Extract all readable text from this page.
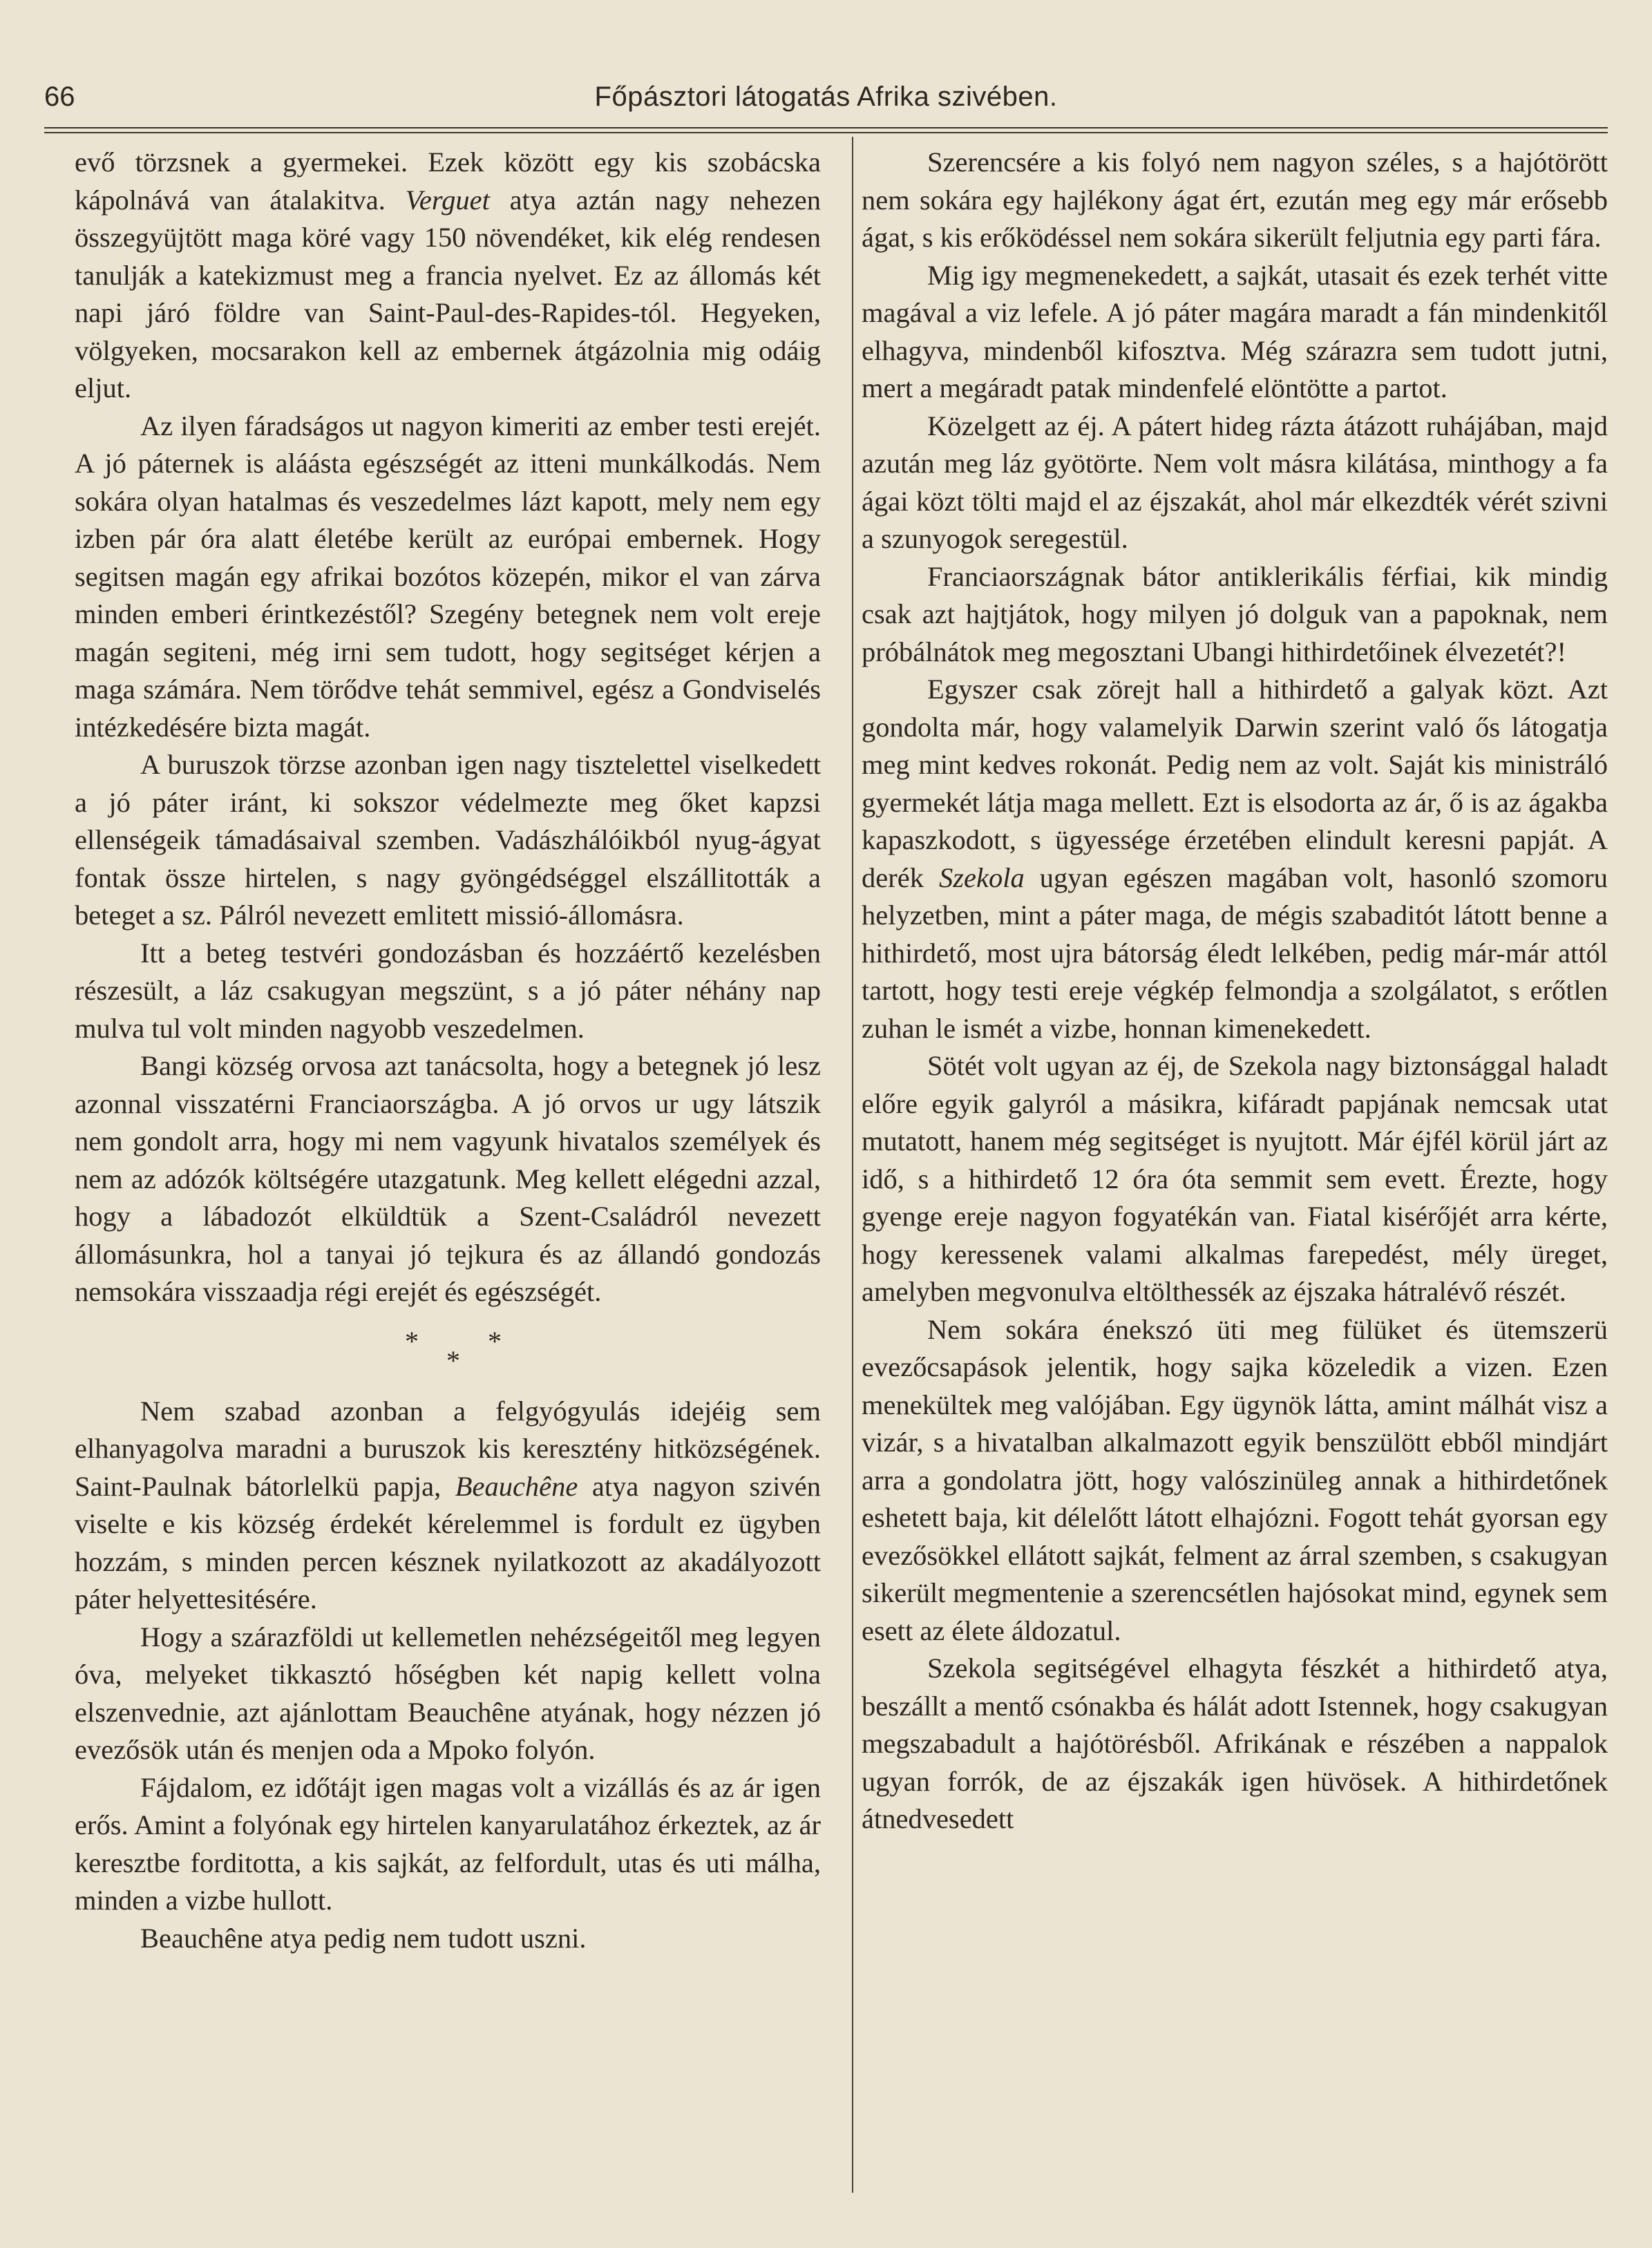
66	Főpásztori látogatás Afrika szivében.

evő törzsnek a gyermekei. Ezek között egy kis szobácska kápolnává van átalakitva. Verguet atya aztán nagy nehezen összegyüjtött maga köré vagy 150 növendéket, kik elég rendesen tanulják a katekizmust meg a francia nyelvet. Ez az állomás két napi járó földre van Saint-Paul-des-Rapides-tól. Hegyeken, völgyeken, mocsarakon kell az embernek átgázolnia mig odáig eljut.

Az ilyen fáradságos ut nagyon kimeriti az ember testi erejét. A jó páternek is aláásta egészségét az itteni munkálkodás. Nem sokára olyan hatalmas és veszedelmes lázt kapott, mely nem egy izben pár óra alatt életébe került az európai embernek. Hogy segitsen magán egy afrikai bozótos közepén, mikor el van zárva minden emberi érintkezéstől? Szegény betegnek nem volt ereje magán segiteni, még irni sem tudott, hogy segitséget kérjen a maga számára. Nem törődve tehát semmivel, egész a Gondviselés intézkedésére bizta magát.

A buruszok törzse azonban igen nagy tisztelettel viselkedett a jó páter iránt, ki sokszor védelmezte meg őket kapzsi ellenségeik támadásaival szemben. Vadászhálóikból nyug-ágyat fontak össze hirtelen, s nagy gyöngédséggel elszállitották a beteget a sz. Pálról nevezett emlitett missió-állomásra.

Itt a beteg testvéri gondozásban és hozzáértő kezelésben részesült, a láz csakugyan megszünt, s a jó páter néhány nap mulva tul volt minden nagyobb veszedelmen.

Bangi község orvosa azt tanácsolta, hogy a betegnek jó lesz azonnal visszatérni Franciaországba. A jó orvos ur ugy látszik nem gondolt arra, hogy mi nem vagyunk hivatalos személyek és nem az adózók költségére utazgatunk. Meg kellett elégedni azzal, hogy a lábadozót elküldtük a Szent-Családról nevezett állomásunkra, hol a tanyai jó tejkura és az állandó gondozás nemsokára visszaadja régi erejét és egészségét.

*
*
*

Nem szabad azonban a felgyógyulás idejéig sem elhanyagolva maradni a buruszok kis keresztény hitközségének. Saint-Paulnak bátorlelkü papja, Beauchêne atya nagyon szivén viselte e kis község érdekét kérelemmel is fordult ez ügyben hozzám, s minden percen késznek nyilatkozott az akadályozott páter helyettesitésére.

Hogy a szárazföldi ut kellemetlen nehézségeitől meg legyen óva, melyeket tikkasztó hőségben két napig kellett volna elszenvednie, azt ajánlottam Beauchêne atyának, hogy nézzen jó evezősök után és menjen oda a Mpoko folyón.

Fájdalom, ez időtájt igen magas volt a vizállás és az ár igen erős. Amint a folyónak egy hirtelen kanyarulatához érkeztek, az ár keresztbe forditotta, a kis sajkát, az felfordult, utas és uti málha, minden a vizbe hullott.

Beauchêne atya pedig nem tudott uszni.

Szerencsére a kis folyó nem nagyon széles, s a hajótörött nem sokára egy hajlékony ágat ért, ezután meg egy már erősebb ágat, s kis erőködéssel nem sokára sikerült feljutnia egy parti fára.

Mig igy megmenekedett, a sajkát, utasait és ezek terhét vitte magával a viz lefele. A jó páter magára maradt a fán mindenkitől elhagyva, mindenből kifosztva. Még szárazra sem tudott jutni, mert a megáradt patak mindenfelé elöntötte a partot.

Közelgett az éj. A pátert hideg rázta átázott ruhájában, majd azután meg láz gyötörte. Nem volt másra kilátása, minthogy a fa ágai közt tölti majd el az éjszakát, ahol már elkezdték vérét szivni a szunyogok seregestül.

Franciaországnak bátor antiklerikális férfiai, kik mindig csak azt hajtjátok, hogy milyen jó dolguk van a papoknak, nem próbálnátok meg megosztani Ubangi hithirdetőinek élvezetét?!

Egyszer csak zörejt hall a hithirdető a galyak közt. Azt gondolta már, hogy valamelyik Darwin szerint való ős látogatja meg mint kedves rokonát. Pedig nem az volt. Saját kis ministráló gyermekét látja maga mellett. Ezt is elsodorta az ár, ő is az ágakba kapaszkodott, s ügyessége érzetében elindult keresni papját. A derék Szekola ugyan egészen magában volt, hasonló szomoru helyzetben, mint a páter maga, de mégis szabaditót látott benne a hithirdető, most ujra bátorság éledt lelkében, pedig már-már attól tartott, hogy testi ereje végkép felmondja a szolgálatot, s erőtlen zuhan le ismét a vizbe, honnan kimenekedett.

Sötét volt ugyan az éj, de Szekola nagy biztonsággal haladt előre egyik galyról a másikra, kifáradt papjának nemcsak utat mutatott, hanem még segitséget is nyujtott. Már éjfél körül járt az idő, s a hithirdető 12 óra óta semmit sem evett. Érezte, hogy gyenge ereje nagyon fogyatékán van. Fiatal kisérőjét arra kérte, hogy keressenek valami alkalmas farepedést, mély üreget, amelyben megvonulva eltölthessék az éjszaka hátralévő részét.

Nem sokára énekszó üti meg fülüket és ütemszerü evezőcsapások jelentik, hogy sajka közeledik a vizen. Ezen menekültek meg valójában. Egy ügynök látta, amint málhát visz a vizár, s a hivatalban alkalmazott egyik benszülött ebből mindjárt arra a gondolatra jött, hogy valószinüleg annak a hithirdetőnek eshetett baja, kit délelőtt látott elhajózni. Fogott tehát gyorsan egy evezősökkel ellátott sajkát, felment az árral szemben, s csakugyan sikerült megmentenie a szerencsétlen hajósokat mind, egynek sem esett az élete áldozatul.

Szekola segitségével elhagyta fészkét a hithirdető atya, beszállt a mentő csónakba és hálát adott Istennek, hogy csakugyan megszabadult a hajótörésből. Afrikának e részében a nappalok ugyan forrók, de az éjszakák igen hüvösek. A hithirdetőnek átnedvesedett
